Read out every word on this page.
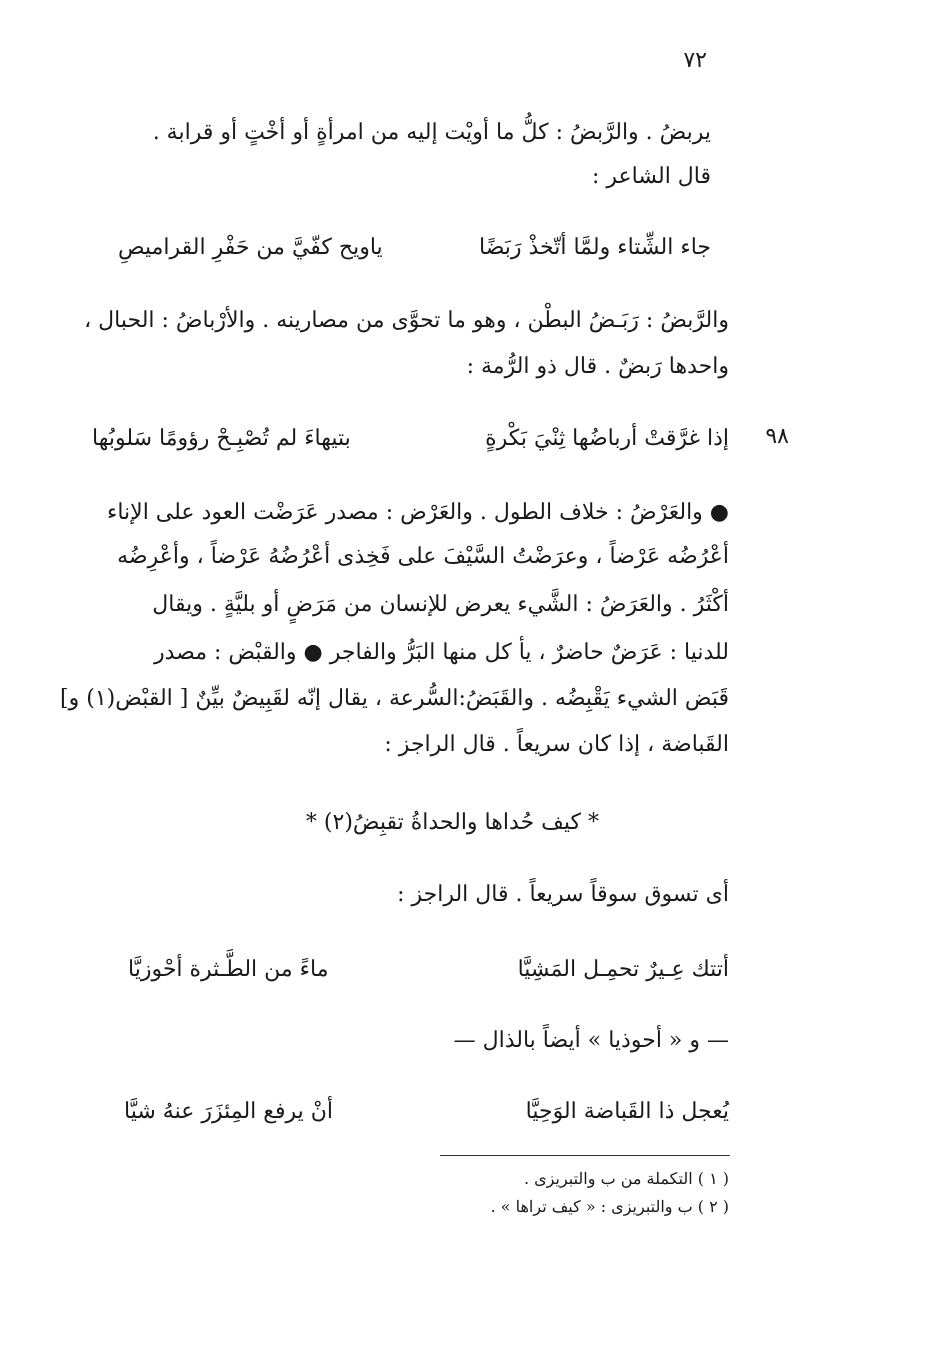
٧٢
يربضُ . والرَّبضُ : كلُّ ما أويْت إليه من امرأةٍ أو أخْتٍ أو قرابة .
قال الشاعر :
جاء الشِّتاء ولمَّا أتّخذْ رَبَضًا
ياويح كفّيَّ من حَفْرِ القراميصِ
والرَّبضُ : رَبَـضُ البطْن ، وهو ما تحوَّى من مصارينه . والأرْباضُ : الحبال ،
واحدها رَبضٌ . قال ذو الرُّمة :
٩٨
إذا غرَّقتْ أرباضُها ثِنْيَ بَكْرةٍ
بتيهاءَ لم تُصْبِـحْ رؤومًا سَلوبُها
● والعَرْضُ : خلاف الطول . والعَرْض : مصدر عَرَضْت العود على الإناء
أعْرُضُه عَرْضاً ، وعرَضْتُ السَّيْفَ على فَخِذى أعْرُضُهُ عَرْضاً ، وأعْرِضُه
أكْثَرُ . والعَرَضُ : الشَّيء يعرض للإنسان من مَرَضٍ أو بليَّةٍ . ويقال
للدنيا : عَرَضٌ حاضرٌ ، يأ كل منها البَرُّ والفاجر ● والقبْض : مصدر
قَبَض الشيء يَقْبِضُه . والقَبَضُ:السُّرعة ، يقال إنّه لقَبِيضٌ بيِّنٌ [ القبْض(١) و]
القَباضة ، إذا كان سريعاً . قال الراجز :
* كيف حُداها والحداةُ تقبِضُ(٢) *
أى تسوق سوقاً سريعاً . قال الراجز :
أتتك عِـيرٌ تحمِـل المَشِيَّا
ماءً من الطَّـثرة أحْوزيَّا
— و « أحوذيا » أيضاً بالذال —
يُعجل ذا القَباضة الوَحِيَّا
أنْ يرفع المِئزَرَ عنهُ شيَّا
( ١ ) التكملة من ب والتبريزى .
( ٢ ) ب والتبريزى : « كيف تراها » .
